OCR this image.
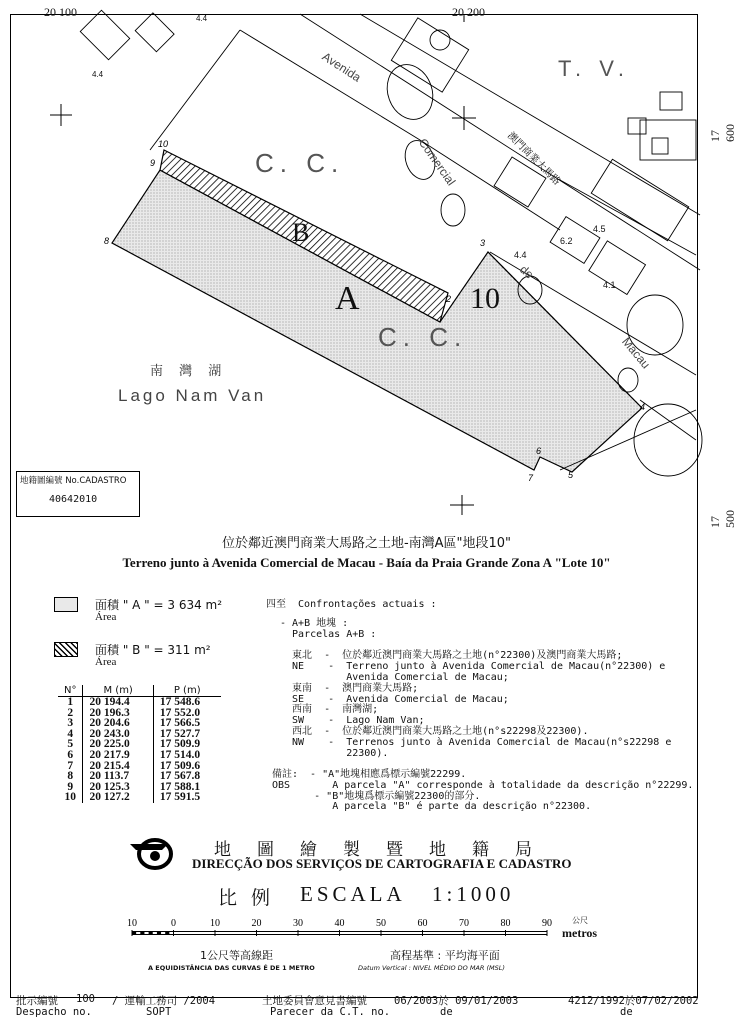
2
3
4
5
6
7
8
9
10
20 100	20 200
17 600
17 500
Avenida
Comercial
de
Macau
T. V.
C. C.
C. C.
B
A	10
南 灣 湖
Lago Nam Van
澳門商業大馬路
4.4
4.4
6.2
4.5
4.1
4.4
地籍圖編號 No.CADASTRO
40642010
位於鄰近澳門商業大馬路之土地-南灣A區"地段10"
Terreno junto à Avenida Comercial de Macau - Baía da Praia Grande Zona A "Lote 10"
面積 " A " = 3 634 m²
Área
面積 " B " = 311 m²
Área
N°	M (m)	P (m)
1	20 194.4	17 548.6
2	20 196.3	17 552.0
3	20 204.6	17 566.5
4	20 243.0	17 527.7
5	20 225.0	17 509.9
6	20 217.9	17 514.0
7	20 215.4	17 509.6
8	20 113.7	17 567.8
9	20 125.3	17 588.1
10	20 127.2	17 591.5
四至  Confrontações actuais :
- A+B 地塊 :
Parcelas A+B :
東北  -  位於鄰近澳門商業大馬路之土地(n°22300)及澳門商業大馬路;
NE    -  Terreno junto à Avenida Comercial de Macau(n°22300) e
Avenida Comercial de Macau;
東南  -  澳門商業大馬路;
SE    -  Avenida Comercial de Macau;
西南  -  南灣湖;
SW    -  Lago Nam Van;
西北  -  位於鄰近澳門商業大馬路之土地(n°s22298及22300).
NW    -  Terrenos junto à Avenida Comercial de Macau(n°s22298 e
22300).
備註:  - "A"地塊相應爲標示編號22299.
OBS       A parcela "A" corresponde à totalidade da descrição n°22299.
- "B"地塊爲標示編號22300的部分.
A parcela "B" é parte da descrição n°22300.
地圖繪製暨地籍局
DIRECÇÃO DOS SERVIÇOS DE CARTOGRAFIA E CADASTRO
比 例 ESCALA 1:1000
10	0	10	20	30	40	50	60	70	80	90	公尺
metros
1公尺等高線距
A EQUIDISTÂNCIA DAS CURVAS É DE 1 METRO
高程基準 : 平均海平面
Datum Vertical : NIVEL MÉDIO DO MAR (MSL)
批示編號 100 / 運輸工務司 /2004
Despacho no.	SOPT
土地委員會意見書編號	06/2003於 09/01/2003
Parecer da C.T. no.	de
4212/1992於07/02/2002
de
